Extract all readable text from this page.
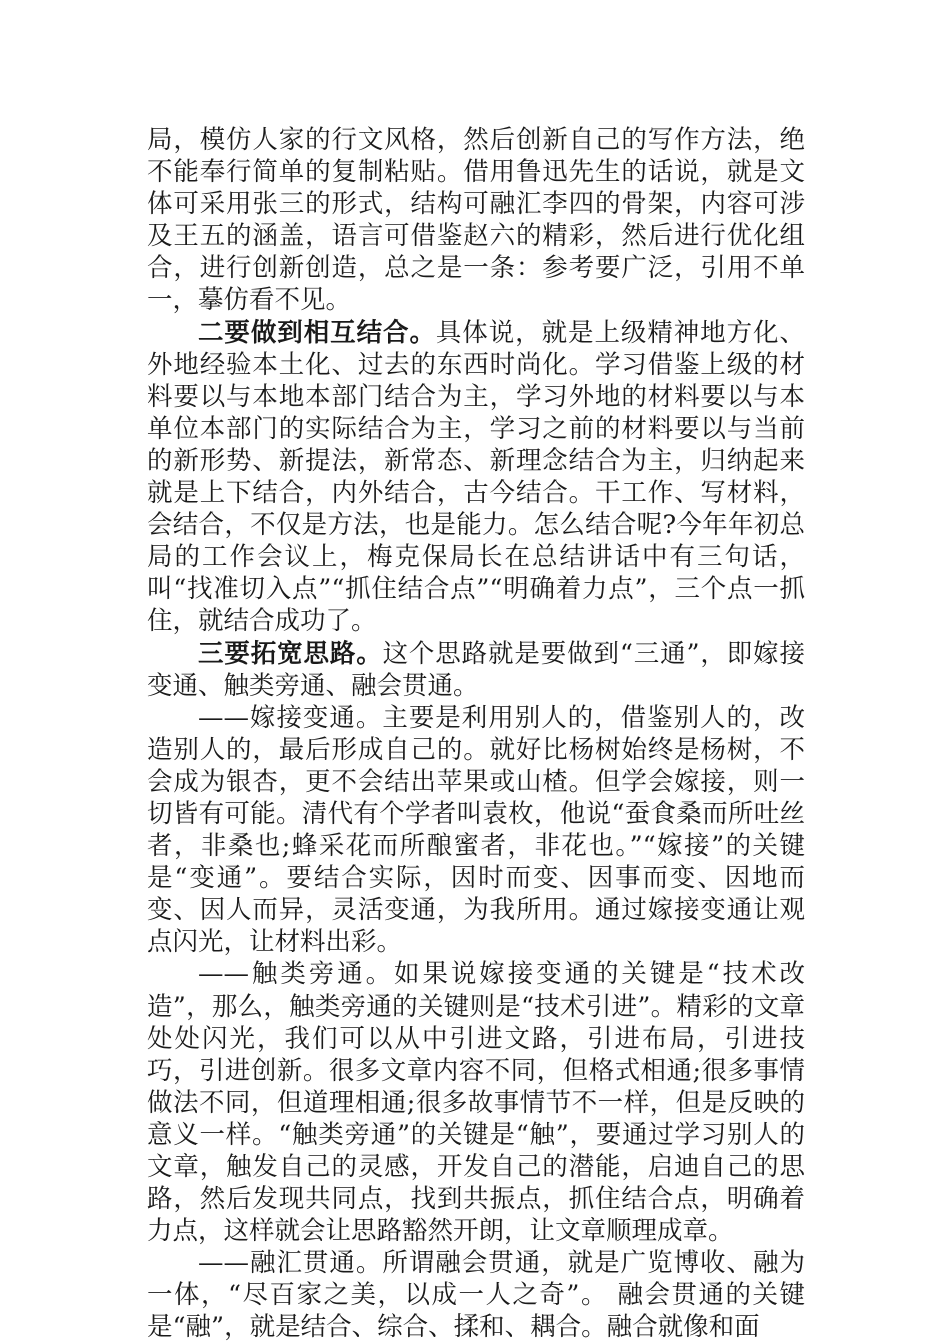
局，模仿人家的行文风格，然后创新自己的写作方法，绝不能奉行简单的复制粘贴。借用鲁迅先生的话说，就是文体可采用张三的形式，结构可融汇李四的骨架，内容可涉及王五的涵盖，语言可借鉴赵六的精彩，然后进行优化组合，进行创新创造，总之是一条：参考要广泛，引用不单一，摹仿看不见。

二要做到相互结合。具体说，就是上级精神地方化、外地经验本土化、过去的东西时尚化。学习借鉴上级的材料要以与本地本部门结合为主，学习外地的材料要以与本单位本部门的实际结合为主，学习之前的材料要以与当前的新形势、新提法，新常态、新理念结合为主，归纳起来就是上下结合，内外结合，古今结合。干工作、写材料，会结合，不仅是方法，也是能力。怎么结合呢?今年年初总局的工作会议上，梅克保局长在总结讲话中有三句话，叫“找准切入点”“抓住结合点”“明确着力点”，三个点一抓住，就结合成功了。

三要拓宽思路。这个思路就是要做到“三通”，即嫁接变通、触类旁通、融会贯通。

——嫁接变通。主要是利用别人的，借鉴别人的，改造别人的，最后形成自己的。就好比杨树始终是杨树，不会成为银杏，更不会结出苹果或山楂。但学会嫁接，则一切皆有可能。清代有个学者叫袁枚，他说“蚕食桑而所吐丝者，非桑也;蜂采花而所酿蜜者，非花也。”“嫁接”的关键是“变通”。要结合实际，因时而变、因事而变、因地而变、因人而异，灵活变通，为我所用。通过嫁接变通让观点闪光，让材料出彩。

——触类旁通。如果说嫁接变通的关键是“技术改造”，那么，触类旁通的关键则是“技术引进”。精彩的文章处处闪光，我们可以从中引进文路，引进布局，引进技巧，引进创新。很多文章内容不同，但格式相通;很多事情做法不同，但道理相通;很多故事情节不一样，但是反映的意义一样。“触类旁通”的关键是“触”，要通过学习别人的文章，触发自己的灵感，开发自己的潜能，启迪自己的思路，然后发现共同点，找到共振点，抓住结合点，明确着力点，这样就会让思路豁然开朗，让文章顺理成章。

——融汇贯通。所谓融会贯通，就是广览博收、融为一体，“尽百家之美，以成一人之奇”。 融会贯通的关键是“融”，就是结合、综合、揉和、耦合。融合就像和面
